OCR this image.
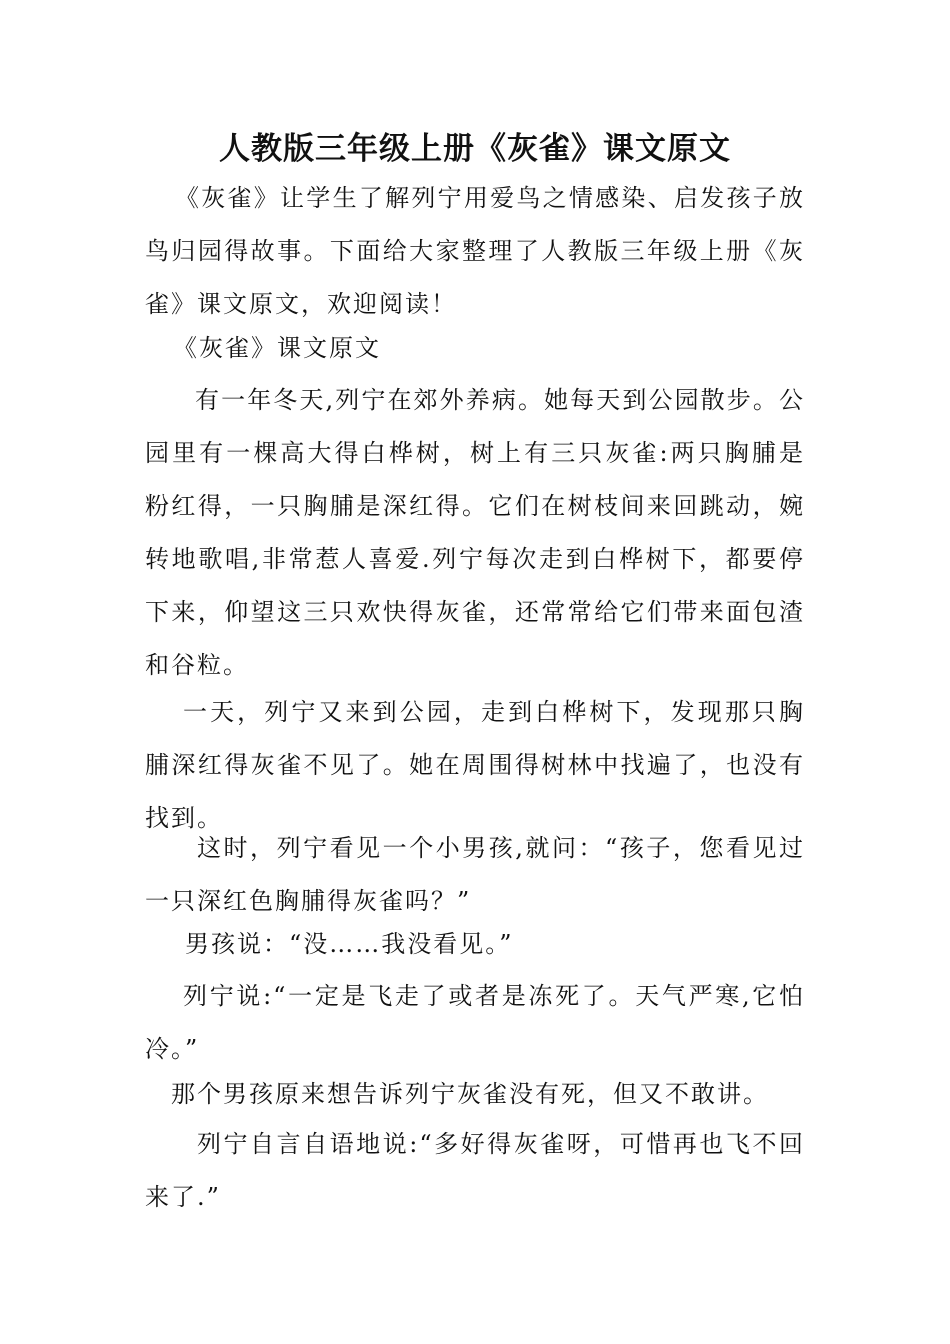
人教版三年级上册《灰雀》课文原文

《灰雀》让学生了解列宁用爱鸟之情感染、启发孩子放鸟归园得故事。下面给大家整理了人教版三年级上册《灰雀》课文原文，欢迎阅读！

《灰雀》课文原文

有一年冬天,列宁在郊外养病。她每天到公园散步。公园里有一棵高大得白桦树，树上有三只灰雀:两只胸脯是粉红得，一只胸脯是深红得。它们在树枝间来回跳动，婉转地歌唱,非常惹人喜爱.列宁每次走到白桦树下，都要停下来，仰望这三只欢快得灰雀，还常常给它们带来面包渣和谷粒。

一天，列宁又来到公园，走到白桦树下，发现那只胸脯深红得灰雀不见了。她在周围得树林中找遍了，也没有找到。

这时，列宁看见一个小男孩,就问：“孩子，您看见过一只深红色胸脯得灰雀吗？”

男孩说：“没……我没看见。”

列宁说:“一定是飞走了或者是冻死了。天气严寒,它怕冷。”

那个男孩原来想告诉列宁灰雀没有死，但又不敢讲。

列宁自言自语地说:“多好得灰雀呀，可惜再也飞不回来了.”
